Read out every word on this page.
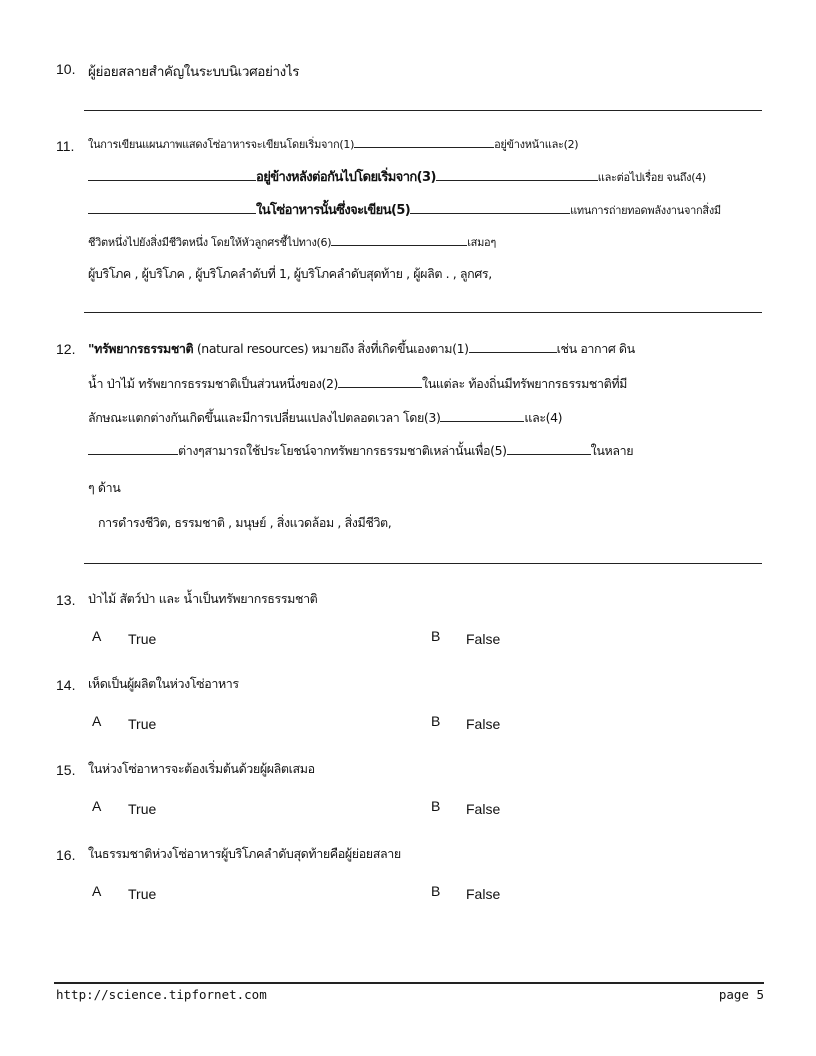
10. ผู้ย่อยสลายสำคัญในระบบนิเวศอย่างไร
11. ในการเขียนแผนภาพแสดงโซ่อาหารจะเขียนโดยเริ่มจาก(1)	อยู่ข้างหน้าและ(2)
อยู่ข้างหลังต่อกันไปโดยเริ่มจาก(3)	และต่อไปเรื่อย จนถึง(4)
ในโซ่อาหารนั้นซึ่งจะเขียน(5)	แทนการถ่ายทอดพลังงานจากสิ่งมี
ชีวิตหนึ่งไปยังสิ่งมีชีวิตหนึ่ง โดยให้หัวลูกศรชี้ไปทาง(6)	เสมอๆ
ผู้บริโภค , ผู้บริโภค , ผู้บริโภคลำดับที่ 1, ผู้บริโภคลำดับสุดท้าย , ผู้ผลิต . , ลูกศร,
12. "ทรัพยากรธรรมชาติ (natural resources) หมายถึง สิ่งที่เกิดขึ้นเองตาม(1)	เช่น อากาศ ดิน
น้ำ ป่าไม้ ทรัพยากรธรรมชาติเป็นส่วนหนึ่งของ(2)	ในแต่ละ ท้องถิ่นมีทรัพยากรธรรมชาติที่มี
ลักษณะแตกต่างกันเกิดขึ้นและมีการเปลี่ยนแปลงไปตลอดเวลา โดย(3)	และ(4)
ต่างๆสามารถใช้ประโยชน์จากทรัพยากรธรรมชาติเหล่านั้นเพื่อ(5)	ในหลาย
ๆ ด้าน
การดำรงชีวิต, ธรรมชาติ , มนุษย์ , สิ่งแวดล้อม , สิ่งมีชีวิต,
13. ป่าไม้ สัตว์ป่า และ น้ำเป็นทรัพยากรธรรมชาติ
A True	B False
14. เห็ดเป็นผู้ผลิตในห่วงโซ่อาหาร
A True	B False
15. ในห่วงโซ่อาหารจะต้องเริ่มต้นด้วยผู้ผลิตเสมอ
A True	B False
16. ในธรรมชาติห่วงโซ่อาหารผู้บริโภคลำดับสุดท้ายคือผู้ย่อยสลาย
A True	B False
http://science.tipfornet.com	page 5
